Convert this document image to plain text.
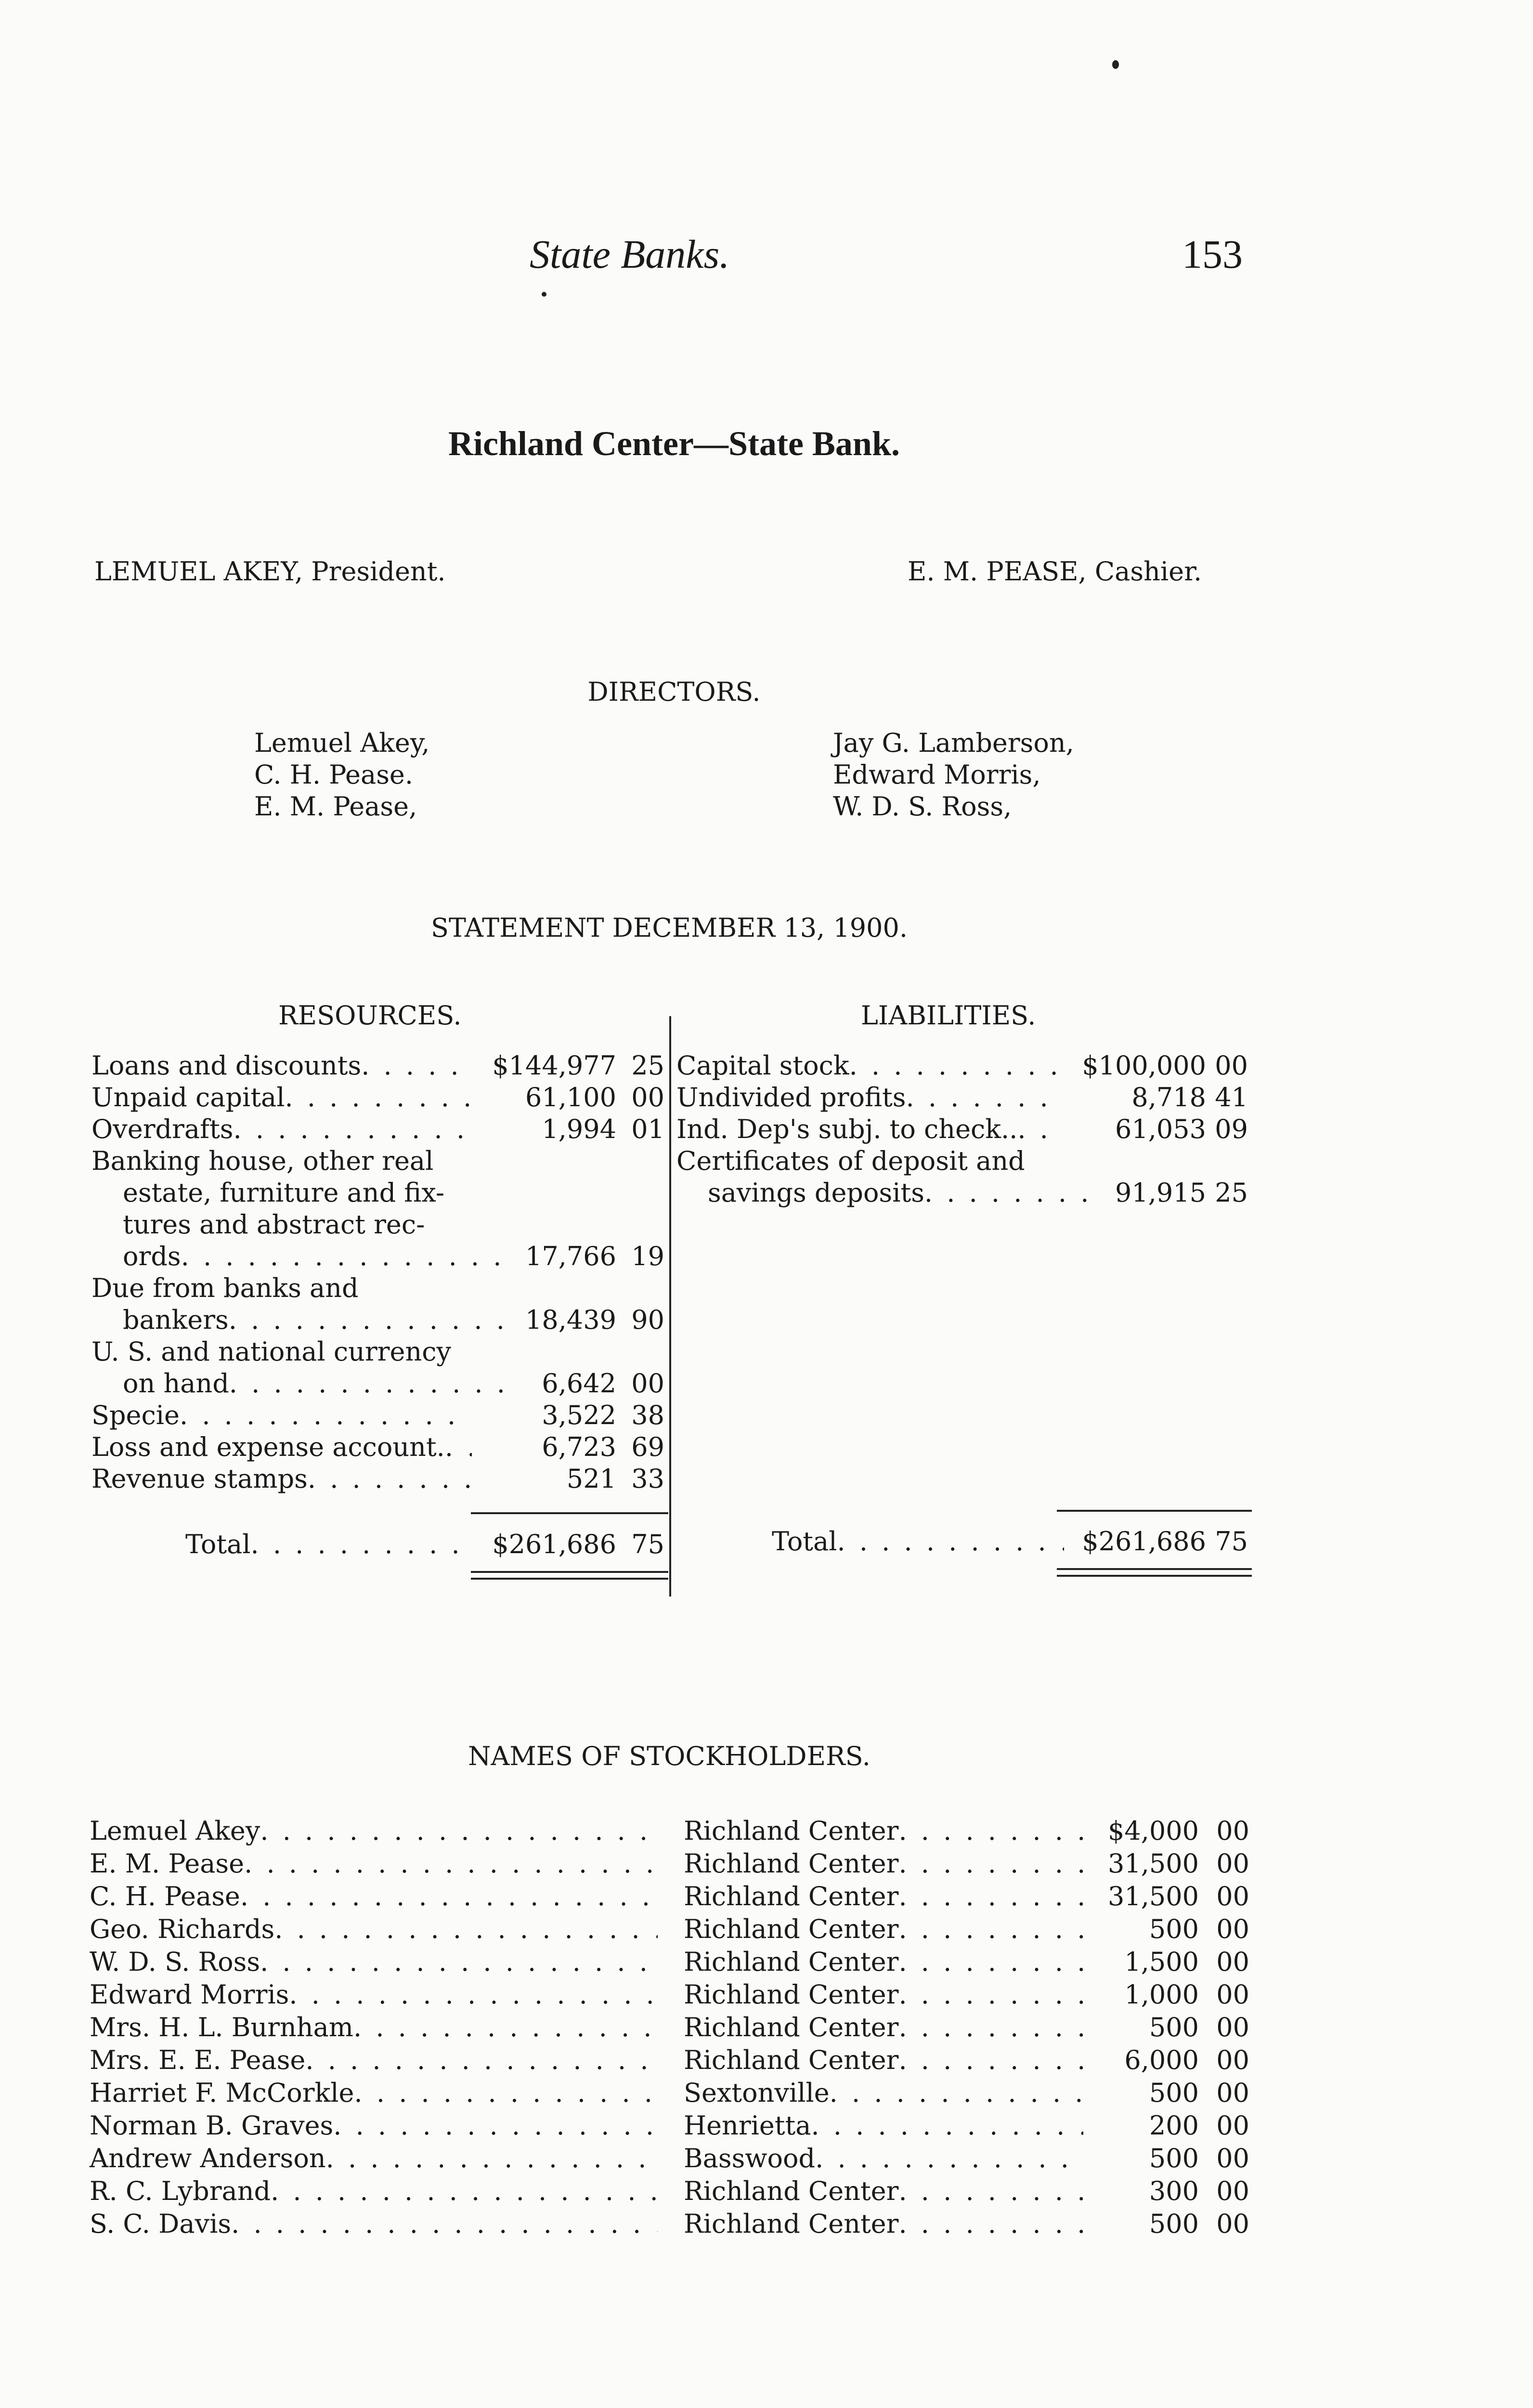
State Banks.	153
Richland Center—State Bank.
LEMUEL AKEY, President.	E. M. PEASE, Cashier.
DIRECTORS.
Lemuel Akey,
C. H. Pease.
E. M. Pease,
Jay G. Lamberson,
Edward Morris,
W. D. S. Ross,
STATEMENT DECEMBER 13, 1900.
RESOURCES.	LIABILITIES.
Loans and discounts . . .	$144,977 25
Unpaid capital . . .	61,100 00
Overdrafts . . .	1,994 01
Banking house, other real
estate, furniture and fix-
tures and abstract rec-
ords . . .	17,766 19
Due from banks and
bankers . . .	18,439 90
U. S. and national currency
on hand . . .	6,642 00
Specie . . .	3,522 38
Loss and expense account. . . .	6,723 69
Revenue stamps . . .	521 33
Capital stock . . .	$100,000 00
Undivided profits . . .	8,718 41
Ind. Dep's subj. to check.. . . .	61,053 09
Certificates of deposit and
savings deposits . . .	91,915 25
Total . . .	$261,686 75	Total . . .	$261,686 75
NAMES OF STOCKHOLDERS.
Lemuel Akey . . .	Richland Center . . .	$4,000 00
E. M. Pease . . .	Richland Center . . .	31,500 00
C. H. Pease . . .	Richland Center . . .	31,500 00
Geo. Richards . . .	Richland Center . . .	500 00
W. D. S. Ross . . .	Richland Center . . .	1,500 00
Edward Morris . . .	Richland Center . . .	1,000 00
Mrs. H. L. Burnham . . .	Richland Center . . .	500 00
Mrs. E. E. Pease . . .	Richland Center . . .	6,000 00
Harriet F. McCorkle . . .	Sextonville . . .	500 00
Norman B. Graves . . .	Henrietta . . .	200 00
Andrew Anderson . . .	Basswood . . .	500 00
R. C. Lybrand . . .	Richland Center . . .	300 00
S. C. Davis . . .	Richland Center . . .	500 00
